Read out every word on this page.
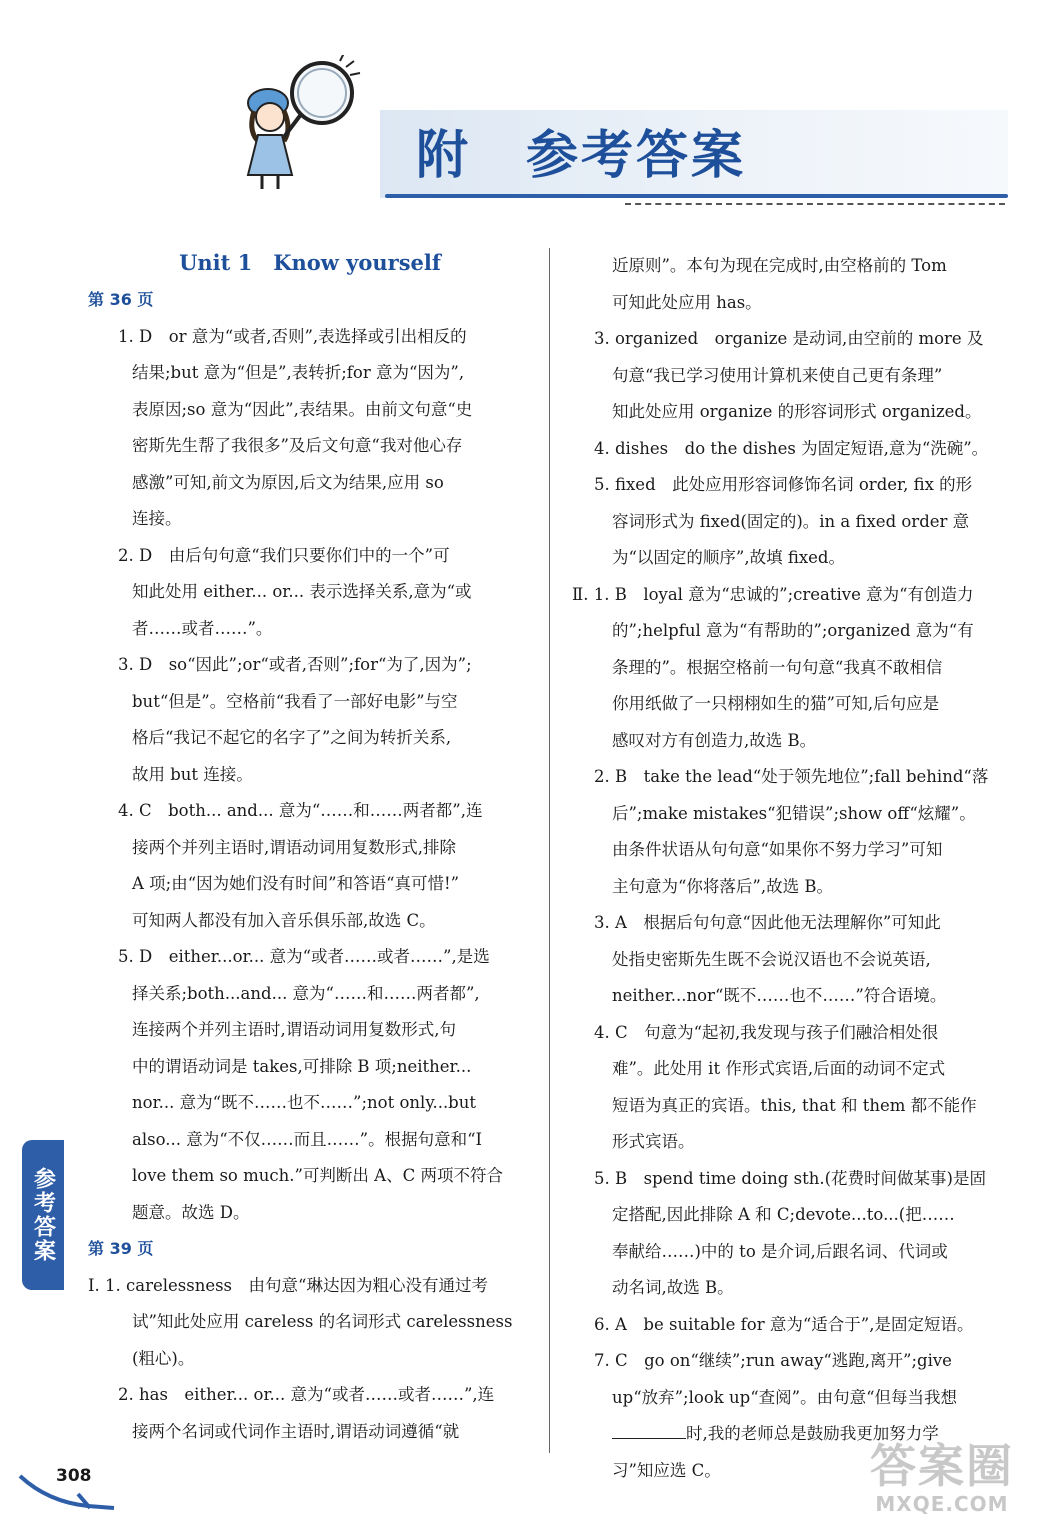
附　参考答案
Unit 1　Know yourself
第 36 页
1. D　or 意为“或者,否则”,表选择或引出相反的
结果;but 意为“但是”,表转折;for 意为“因为”,
表原因;so 意为“因此”,表结果。由前文句意“史
密斯先生帮了我很多”及后文句意“我对他心存
感激”可知,前文为原因,后文为结果,应用 so
连接。
2. D　由后句句意“我们只要你们中的一个”可
知此处用 either... or... 表示选择关系,意为“或
者……或者……”。
3. D　so“因此”;or“或者,否则”;for“为了,因为”;
but“但是”。空格前“我看了一部好电影”与空
格后“我记不起它的名字了”之间为转折关系,
故用 but 连接。
4. C　both... and... 意为“……和……两者都”,连
接两个并列主语时,谓语动词用复数形式,排除
A 项;由“因为她们没有时间”和答语“真可惜!”
可知两人都没有加入音乐俱乐部,故选 C。
5. D　either...or... 意为“或者……或者……”,是选
择关系;both...and... 意为“……和……两者都”,
连接两个并列主语时,谓语动词用复数形式,句
中的谓语动词是 takes,可排除 B 项;neither...
nor... 意为“既不……也不……”;not only...but
also... 意为“不仅……而且……”。根据句意和“I
love them so much.”可判断出 A、C 两项不符合
题意。故选 D。
第 39 页
Ⅰ. 1. carelessness　由句意“琳达因为粗心没有通过考
试”知此处应用 careless 的名词形式 carelessness
(粗心)。
2. has　either... or... 意为“或者……或者……”,连
接两个名词或代词作主语时,谓语动词遵循“就
近原则”。本句为现在完成时,由空格前的 Tom
可知此处应用 has。
3. organized　organize 是动词,由空前的 more 及
句意“我已学习使用计算机来使自己更有条理”
知此处应用 organize 的形容词形式 organized。
4. dishes　do the dishes 为固定短语,意为“洗碗”。
5. fixed　此处应用形容词修饰名词 order, fix 的形
容词形式为 fixed(固定的)。in a fixed order 意
为“以固定的顺序”,故填 fixed。
Ⅱ. 1. B　loyal 意为“忠诚的”;creative 意为“有创造力
的”;helpful 意为“有帮助的”;organized 意为“有
条理的”。根据空格前一句句意“我真不敢相信
你用纸做了一只栩栩如生的猫”可知,后句应是
感叹对方有创造力,故选 B。
2. B　take the lead“处于领先地位”;fall behind“落
后”;make mistakes“犯错误”;show off“炫耀”。
由条件状语从句句意“如果你不努力学习”可知
主句意为“你将落后”,故选 B。
3. A　根据后句句意“因此他无法理解你”可知此
处指史密斯先生既不会说汉语也不会说英语,
neither...nor“既不……也不……”符合语境。
4. C　句意为“起初,我发现与孩子们融洽相处很
难”。此处用 it 作形式宾语,后面的动词不定式
短语为真正的宾语。this, that 和 them 都不能作
形式宾语。
5. B　spend time doing sth.(花费时间做某事)是固
定搭配,因此排除 A 和 C;devote...to...(把……
奉献给……)中的 to 是介词,后跟名词、代词或
动名词,故选 B。
6. A　be suitable for 意为“适合于”,是固定短语。
7. C　go on“继续”;run away“逃跑,离开”;give
up“放弃”;look up“查阅”。由句意“但每当我想
时,我的老师总是鼓励我更加努力学
习”知应选 C。
参考答案
308	答案圈
MXQE.COM
